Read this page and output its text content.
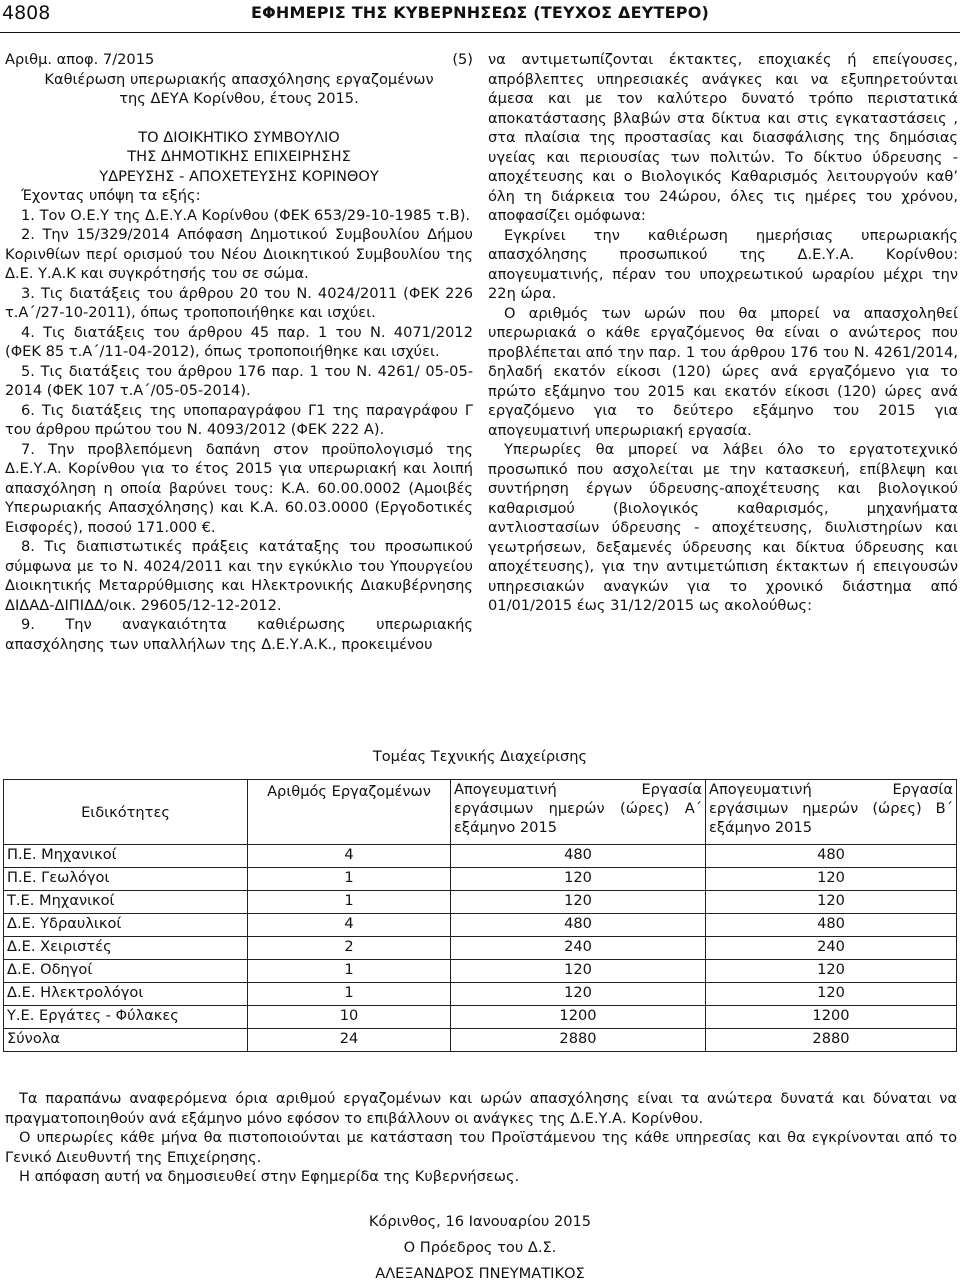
4808	ΕΦΗΜΕΡΙΣ ΤΗΣ ΚΥΒΕΡΝΗΣΕΩΣ (ΤΕΥΧΟΣ ΔΕΥΤΕΡΟ)
Αριθμ. αποφ. 7/2015	(5)

Καθιέρωση υπερωριακής απασχόλησης εργαζομένων

της ΔΕΥΑ Κορίνθου, έτους 2015.

ΤΟ ΔΙΟΙΚΗΤΙΚΟ ΣΥΜΒΟΥΛΙΟ

ΤΗΣ ΔΗΜΟΤΙΚΗΣ ΕΠΙΧΕΙΡΗΣΗΣ

ΥΔΡΕΥΣΗΣ - ΑΠΟΧΕΤΕΥΣΗΣ ΚΟΡΙΝΘΟΥ

Έχοντας υπόψη τα εξής:

1. Τον Ο.Ε.Υ της Δ.Ε.Υ.Α Κορίνθου (ΦΕΚ 653/29-10-1985 τ.Β).

2. Την 15/329/2014 Απόφαση Δημοτικού Συμβουλίου Δήμου Κορινθίων περί ορισμού του Νέου Διοικητικού Συμβουλίου της Δ.Ε. Υ.Α.Κ και συγκρότησής του σε σώμα.

3. Τις διατάξεις του άρθρου 20 του Ν. 4024/2011 (ΦΕΚ 226 τ.Α΄/27-10-2011), όπως τροποποιήθηκε και ισχύει.

4. Τις διατάξεις του άρθρου 45 παρ. 1 του Ν. 4071/2012 (ΦΕΚ 85 τ.Α΄/11-04-2012), όπως τροποποιήθηκε και ισχύει.

5. Τις διατάξεις του άρθρου 176 παρ. 1 του Ν. 4261/ 05-05-2014 (ΦΕΚ 107 τ.Α΄/05-05-2014).

6. Τις διατάξεις της υποπαραγράφου Γ1 της παραγράφου Γ του άρθρου πρώτου του Ν. 4093/2012 (ΦΕΚ 222 Α).

7. Την προβλεπόμενη δαπάνη στον προϋπολογισμό της Δ.Ε.Υ.Α. Κορίνθου για το έτος 2015 για υπερωριακή και λοιπή απασχόληση η οποία βαρύνει τους: Κ.Α. 60.00.0002 (Αμοιβές Υπερωριακής Απασχόλησης) και Κ.Α. 60.03.0000 (Εργοδοτικές Εισφορές), ποσού 171.000 €.

8. Τις διαπιστωτικές πράξεις κατάταξης του προσωπικού σύμφωνα με το Ν. 4024/2011 και την εγκύκλιο του Υπουργείου Διοικητικής Μεταρρύθμισης και Ηλεκτρονικής Διακυβέρνησης ΔΙΔΑΔ-ΔΙΠΙΔΔ/οικ. 29605/12-12-2012.

9. Την αναγκαιότητα καθιέρωσης υπερωριακής απασχόλησης των υπαλλήλων της Δ.Ε.Υ.Α.Κ., προκειμένου

να αντιμετωπίζονται έκτακτες, εποχιακές ή επείγουσες, απρόβλεπτες υπηρεσιακές ανάγκες και να εξυπηρετούνται άμεσα και με τον καλύτερο δυνατό τρόπο περιστατικά αποκατάστασης βλαβών στα δίκτυα και στις εγκαταστάσεις , στα πλαίσια της προστασίας και διασφάλισης της δημόσιας υγείας και περιουσίας των πολιτών. Το δίκτυο ύδρευσης - αποχέτευσης και ο Βιολογικός Καθαρισμός λειτουργούν καθ’ όλη τη διάρκεια του 24ώρου, όλες τις ημέρες του χρόνου, αποφασίζει ομόφωνα:

Εγκρίνει την καθιέρωση ημερήσιας υπερωριακής απασχόλησης προσωπικού της Δ.Ε.Υ.Α. Κορίνθου: απογευματινής, πέραν του υποχρεωτικού ωραρίου μέχρι την 22η ώρα.

Ο αριθμός των ωρών που θα μπορεί να απασχοληθεί υπερωριακά ο κάθε εργαζόμενος θα είναι ο ανώτερος που προβλέπεται από την παρ. 1 του άρθρου 176 του Ν. 4261/2014, δηλαδή εκατόν είκοσι (120) ώρες ανά εργαζόμενο για το πρώτο εξάμηνο του 2015 και εκατόν είκοσι (120) ώρες ανά εργαζόμενο για το δεύτερο εξάμηνο του 2015 για απογευματινή υπερωριακή εργασία.

Υπερωρίες θα μπορεί να λάβει όλο το εργατοτεχνικό προσωπικό που ασχολείται με την κατασκευή, επίβλεψη και συντήρηση έργων ύδρευσης-αποχέτευσης και βιολογικού καθαρισμού (βιολογικός καθαρισμός, μηχανήματα αντλιοστασίων ύδρευσης - αποχέτευσης, διυλιστηρίων και γεωτρήσεων, δεξαμενές ύδρευσης και δίκτυα ύδρευσης και αποχέτευσης), για την αντιμετώπιση έκτακτων ή επειγουσών υπηρεσιακών αναγκών για το χρονικό διάστημα από 01/01/2015 έως 31/12/2015 ως ακολούθως:

Τομέας Τεχνικής Διαχείρισης
Ειδικότητες	Αριθμός Εργαζομένων	Απογευματινή Εργασία εργάσιμων ημερών (ώρες) Α΄ εξάμηνο 2015	Απογευματινή Εργασία εργάσιμων ημερών (ώρες) Β΄ εξάμηνο 2015
Π.Ε. Μηχανικοί	4	480	480
Π.Ε. Γεωλόγοι	1	120	120
Τ.Ε. Μηχανικοί	1	120	120
Δ.Ε. Υδραυλικοί	4	480	480
Δ.Ε. Χειριστές	2	240	240
Δ.Ε. Οδηγοί	1	120	120
Δ.Ε. Ηλεκτρολόγοι	1	120	120
Υ.Ε. Εργάτες - Φύλακες	10	1200	1200
Σύνολα	24	2880	2880

Τα παραπάνω αναφερόμενα όρια αριθμού εργαζομένων και ωρών απασχόλησης είναι τα ανώτερα δυνατά και δύναται να πραγματοποιηθούν ανά εξάμηνο μόνο εφόσον το επιβάλλουν οι ανάγκες της Δ.Ε.Υ.Α. Κορίνθου.

Ο υπερωρίες κάθε μήνα θα πιστοποιούνται με κατάσταση του Προϊστάμενου της κάθε υπηρεσίας και θα εγκρίνονται από το Γενικό Διευθυντή της Επιχείρησης.

Η απόφαση αυτή να δημοσιευθεί στην Εφημερίδα της Κυβερνήσεως.

Κόρινθος, 16 Ιανουαρίου 2015
Ο Πρόεδρος του Δ.Σ.
ΑΛΕΞΑΝΔΡΟΣ ΠΝΕΥΜΑΤΙΚΟΣ
